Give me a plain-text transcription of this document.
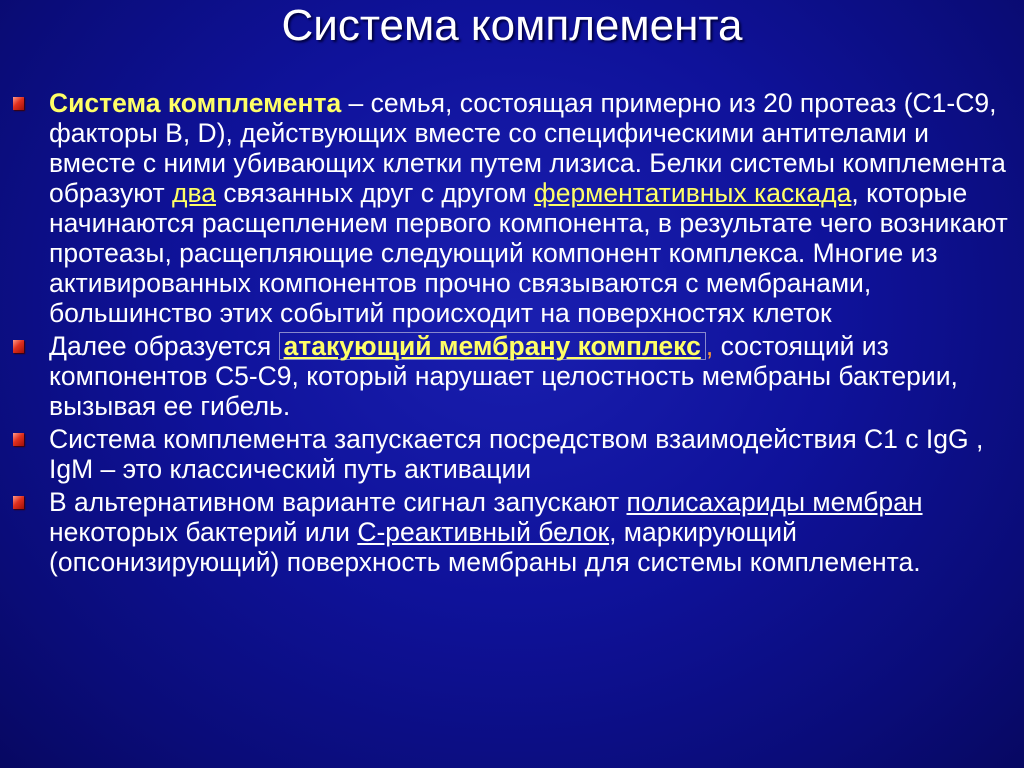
Система комплемента
Система комплемента – семья, состоящая примерно из 20 протеаз (С1-С9, факторы B, D), действующих вместе со специфическими антителами и вместе с ними убивающих клетки путем лизиса. Белки системы комплемента образуют два связанных друг с другом ферментативных каскада, которые начинаются расщеплением первого компонента, в результате чего возникают протеазы, расщепляющие следующий компонент комплекса. Многие из активированных компонентов прочно связываются с мембранами, большинство этих событий происходит на поверхностях клеток
Далее образуется атакующий мембрану комплекс , состоящий из компонентов С5-С9, который нарушает целостность мембраны бактерии, вызывая ее гибель.
Система комплемента запускается посредством взаимодействия С1 с IgG , IgM – это классический путь активации
В альтернативном варианте сигнал запускают полисахариды мембран некоторых бактерий или С-реактивный белок, маркирующий (опсонизирующий) поверхность мембраны для системы комплемента.
